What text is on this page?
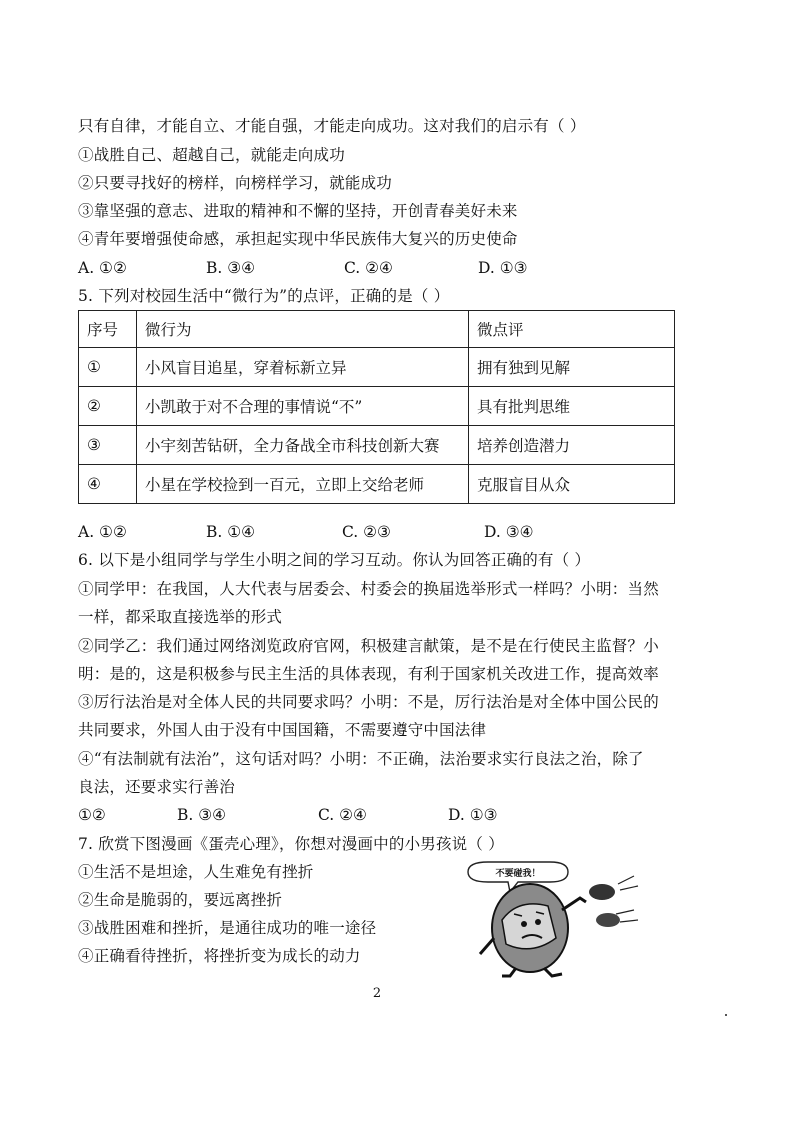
只有自律，才能自立、才能自强，才能走向成功。这对我们的启示有（ ）
①战胜自己、超越自己，就能走向成功
②只要寻找好的榜样，向榜样学习，就能成功
③靠坚强的意志、进取的精神和不懈的坚持，开创青春美好未来
④青年要增强使命感，承担起实现中华民族伟大复兴的历史使命
A. ①②	B. ③④	C. ②④	D. ①③
5. 下列对校园生活中“微行为”的点评，正确的是（ ）
序号	微行为	微点评
①	小风盲目追星，穿着标新立异	拥有独到见解
②	小凯敢于对不合理的事情说“不”	具有批判思维
③	小宇刻苦钻研，全力备战全市科技创新大赛	培养创造潜力
④	小星在学校捡到一百元，立即上交给老师	克服盲目从众
A. ①②	B. ①④	C. ②③	D. ③④
6. 以下是小组同学与学生小明之间的学习互动。你认为回答正确的有（ ）
①同学甲：在我国，人大代表与居委会、村委会的换届选举形式一样吗？小明：当然
一样，都采取直接选举的形式
②同学乙：我们通过网络浏览政府官网，积极建言献策，是不是在行使民主监督？小
明：是的，这是积极参与民主生活的具体表现，有利于国家机关改进工作，提高效率
③厉行法治是对全体人民的共同要求吗？小明：不是，厉行法治是对全体中国公民的
共同要求，外国人由于没有中国国籍，不需要遵守中国法律
④“有法制就有法治”，这句话对吗？小明：不正确，法治要求实行良法之治，除了
良法，还要求实行善治
①②	B. ③④	C. ②④	D. ①③
7. 欣赏下图漫画《蛋壳心理》，你想对漫画中的小男孩说（ ）
①生活不是坦途，人生难免有挫折
②生命是脆弱的，要远离挫折
③战胜困难和挫折，是通往成功的唯一途径
④正确看待挫折，将挫折变为成长的动力
不要碰我！
2
